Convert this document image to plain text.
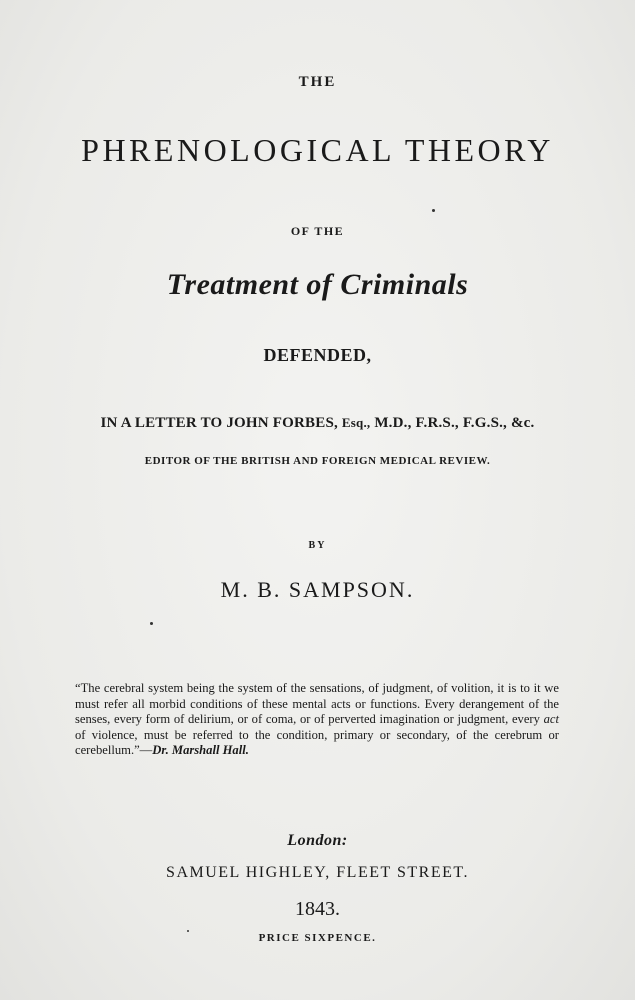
THE
PHRENOLOGICAL THEORY
OF THE
Treatment of Criminals
DEFENDED,
IN A LETTER TO JOHN FORBES, Esq., M.D., F.R.S., F.G.S., &c.
EDITOR OF THE BRITISH AND FOREIGN MEDICAL REVIEW.
BY
M. B. SAMPSON.
“The cerebral system being the system of the sensations, of judgment, of volition, it is to it we must refer all morbid conditions of these mental acts or functions. Every derangement of the senses, every form of delirium, or of coma, or of perverted imagination or judgment, every act of violence, must be referred to the condition, primary or secondary, of the cerebrum or cerebellum.”—Dr. Marshall Hall.
London:
SAMUEL HIGHLEY, FLEET STREET.
1843.
PRICE SIXPENCE.
